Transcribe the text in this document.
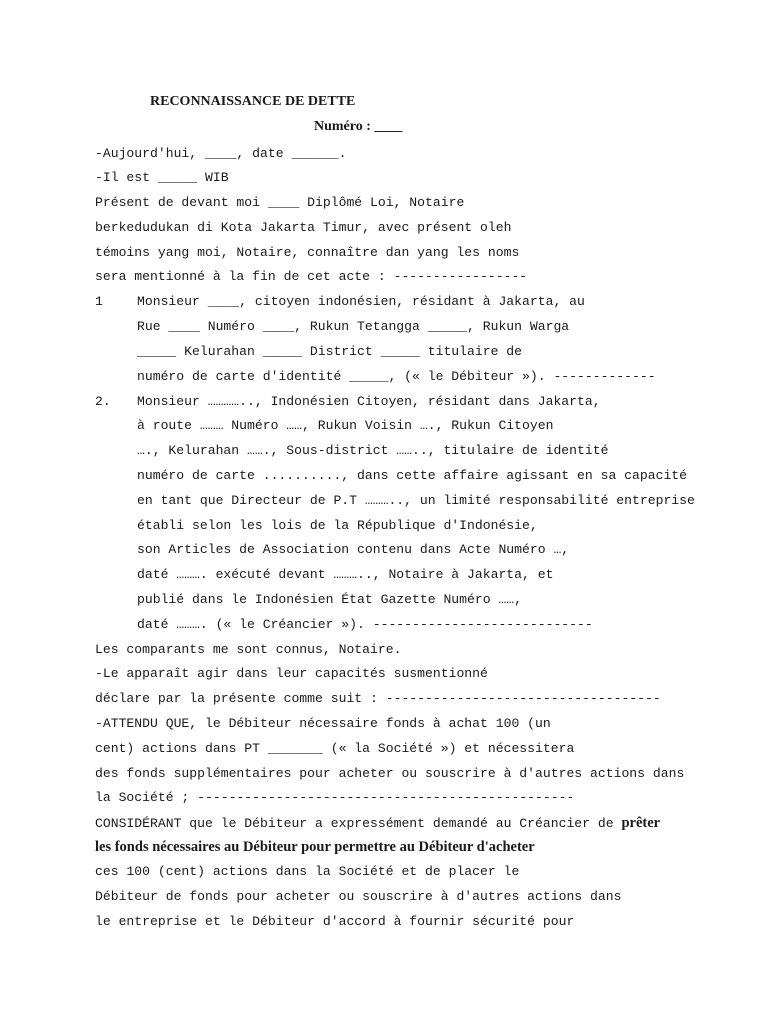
RECONNAISSANCE DE DETTE
Numéro : ____
-Aujourd'hui, ____, date ______.
-Il est _____ WIB
Présent de devant moi ____ Diplômé Loi, Notaire
berkedudukan di Kota Jakarta Timur, avec présent oleh
témoins yang moi, Notaire, connaître dan yang les noms
sera mentionné à la fin de cet acte : -----------------
1	Monsieur ____, citoyen indonésien, résidant à Jakarta, au
Rue ____ Numéro ____, Rukun Tetangga _____, Rukun Warga
_____ Kelurahan _____ District _____ titulaire de
numéro de carte d'identité _____, (« le Débiteur »). -------------
2. Monsieur ………….., Indonésien Citoyen, résidant dans Jakarta,
à route ……… Numéro ……, Rukun Voisin …., Rukun Citoyen
…., Kelurahan ……., Sous-district …….., titulaire de identité
numéro de carte .........., dans cette affaire agissant en sa capacité
en tant que Directeur de P.T ……….., un limité responsabilité entreprise
établi selon les lois de la République d'Indonésie,
son Articles de Association contenu dans Acte Numéro …,
daté ………. exécuté devant ……….., Notaire à Jakarta, et
publié dans le Indonésien État Gazette Numéro ……,
daté ………. (« le Créancier »). ----------------------------
Les comparants me sont connus, Notaire.
-Le apparaît agir dans leur capacités susmentionné
déclare par la présente comme suit : -----------------------------------
-ATTENDU QUE, le Débiteur nécessaire fonds à achat 100 (un
cent) actions dans PT _______ (« la Société ») et nécessitera
des fonds supplémentaires pour acheter ou souscrire à d'autres actions dans
la Société ; ------------------------------------------------
CONSIDÉRANT que le Débiteur a expressément demandé au Créancier de prêter
les fonds nécessaires au Débiteur pour permettre au Débiteur d'acheter
ces 100 (cent) actions dans la Société et de placer le
Débiteur de fonds pour acheter ou souscrire à d'autres actions dans
le entreprise et le Débiteur d'accord à fournir sécurité pour
